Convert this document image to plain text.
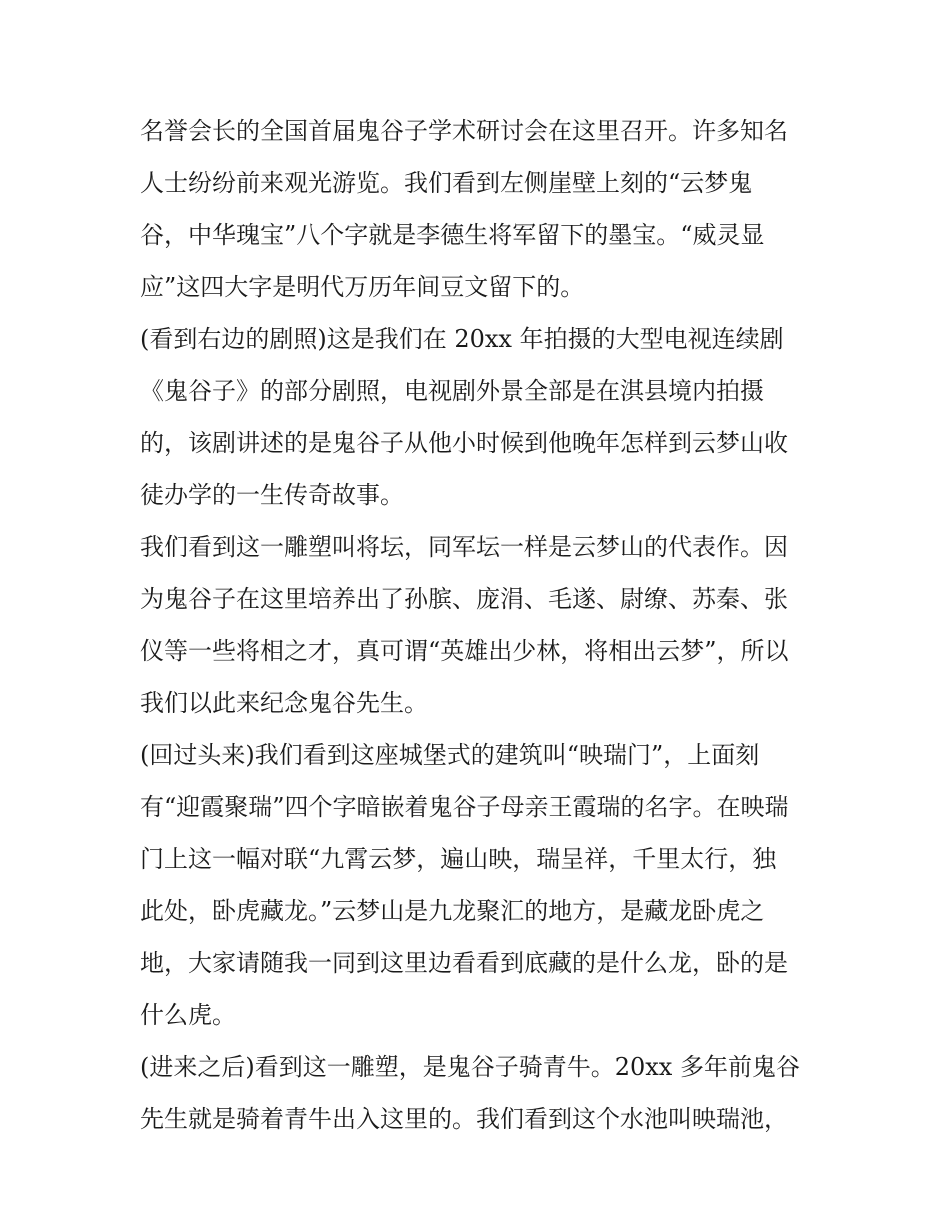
名誉会长的全国首届鬼谷子学术研讨会在这里召开。许多知名
人士纷纷前来观光游览。我们看到左侧崖壁上刻的“云梦鬼
谷，中华瑰宝”八个字就是李德生将军留下的墨宝。“威灵显
应”这四大字是明代万历年间豆文留下的。
(看到右边的剧照)这是我们在 20xx 年拍摄的大型电视连续剧
《鬼谷子》的部分剧照，电视剧外景全部是在淇县境内拍摄
的，该剧讲述的是鬼谷子从他小时候到他晚年怎样到云梦山收
徒办学的一生传奇故事。
我们看到这一雕塑叫将坛，同军坛一样是云梦山的代表作。因
为鬼谷子在这里培养出了孙膑、庞涓、毛遂、尉缭、苏秦、张
仪等一些将相之才，真可谓“英雄出少林，将相出云梦”，所以
我们以此来纪念鬼谷先生。
(回过头来)我们看到这座城堡式的建筑叫“映瑞门”，上面刻
有“迎霞聚瑞”四个字暗嵌着鬼谷子母亲王霞瑞的名字。在映瑞
门上这一幅对联“九霄云梦，遍山映，瑞呈祥，千里太行，独
此处，卧虎藏龙。”云梦山是九龙聚汇的地方，是藏龙卧虎之
地，大家请随我一同到这里边看看到底藏的是什么龙，卧的是
什么虎。
(进来之后)看到这一雕塑，是鬼谷子骑青牛。20xx 多年前鬼谷
先生就是骑着青牛出入这里的。我们看到这个水池叫映瑞池，
